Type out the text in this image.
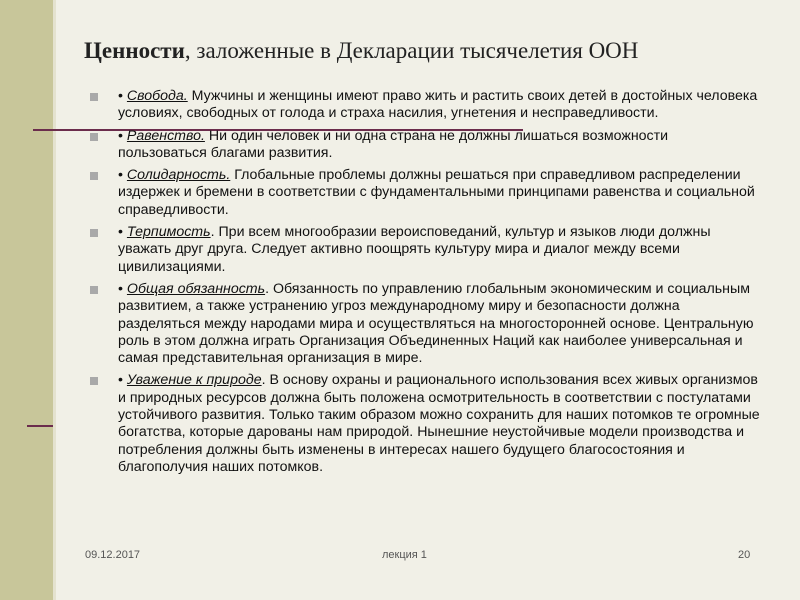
Ценности, заложенные в Декларации тысячелетия ООН
• Свобода. Мужчины и женщины имеют право жить и растить своих детей в достойных человека условиях, свободных от голода и страха насилия, угнетения и несправедливости.
• Равенство. Ни один человек и ни одна страна не должны лишаться возможности пользоваться благами развития.
• Солидарность. Глобальные проблемы должны решаться при справедливом распределении издержек и бремени в соответствии с фундаментальными принципами равенства и социальной справедливости.
• Терпимость. При всем многообразии вероисповеданий, культур и языков люди должны уважать друг друга. Следует активно поощрять культуру мира и диалог между всеми цивилизациями.
• Общая обязанность. Обязанность по управлению глобальным экономическим и социальным развитием, а также устранению угроз международному миру и безопасности должна разделяться между народами мира и осуществляться на многосторонней основе. Центральную роль в этом должна играть Организация Объединенных Наций как наиболее универсальная и самая представительная организация в мире.
• Уважение к природе. В основу охраны и рационального использования всех живых организмов и природных ресурсов должна быть положена осмотрительность в соответствии с постулатами устойчивого развития. Только таким образом можно сохранить для наших потомков те огромные богатства, которые дарованы нам природой. Нынешние неустойчивые модели производства и потребления должны быть изменены в интересах нашего будущего благосостояния и благополучия наших потомков.
09.12.2017	лекция 1	20
